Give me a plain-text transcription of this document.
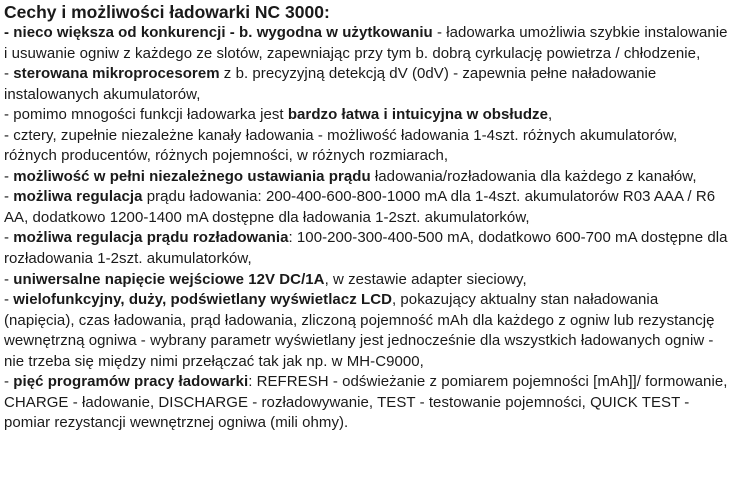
Cechy i możliwości ładowarki NC 3000:

- nieco większa od konkurencji - b. wygodna w użytkowaniu - ładowarka umożliwia szybkie instalowanie i usuwanie ogniw z każdego ze slotów, zapewniając przy tym b. dobrą cyrkulację powietrza / chłodzenie,

- sterowana mikroprocesorem z b. precyzyjną detekcją dV (0dV) - zapewnia pełne naładowanie instalowanych akumulatorów,

- pomimo mnogości funkcji ładowarka jest bardzo łatwa i intuicyjna w obsłudze,

- cztery, zupełnie niezależne kanały ładowania - możliwość ładowania 1-4szt. różnych akumulatorów, różnych producentów, różnych pojemności, w różnych rozmiarach,

- możliwość w pełni niezależnego ustawiania prądu ładowania/rozładowania dla każdego z kanałów,

- możliwa regulacja prądu ładowania: 200-400-600-800-1000 mA dla 1-4szt. akumulatorów R03 AAA / R6 AA, dodatkowo 1200-1400 mA dostępne dla ładowania 1-2szt. akumulatorków,

- możliwa regulacja prądu rozładowania: 100-200-300-400-500 mA, dodatkowo 600-700 mA dostępne dla rozładowania 1-2szt. akumulatorków,

- uniwersalne napięcie wejściowe 12V DC/1A, w zestawie adapter sieciowy,

- wielofunkcyjny, duży, podświetlany wyświetlacz LCD, pokazujący aktualny stan naładowania (napięcia), czas ładowania, prąd ładowania, zliczoną pojemność mAh dla każdego z ogniw lub rezystancję wewnętrzną ogniwa - wybrany parametr wyświetlany jest jednocześnie dla wszystkich ładowanych ogniw - nie trzeba się między nimi przełączać tak jak np. w MH-C9000,

- pięć programów pracy ładowarki: REFRESH - odświeżanie z pomiarem pojemności [mAh]]/ formowanie, CHARGE - ładowanie, DISCHARGE - rozładowywanie, TEST - testowanie pojemności, QUICK TEST - pomiar rezystancji wewnętrznej ogniwa (mili ohmy).
